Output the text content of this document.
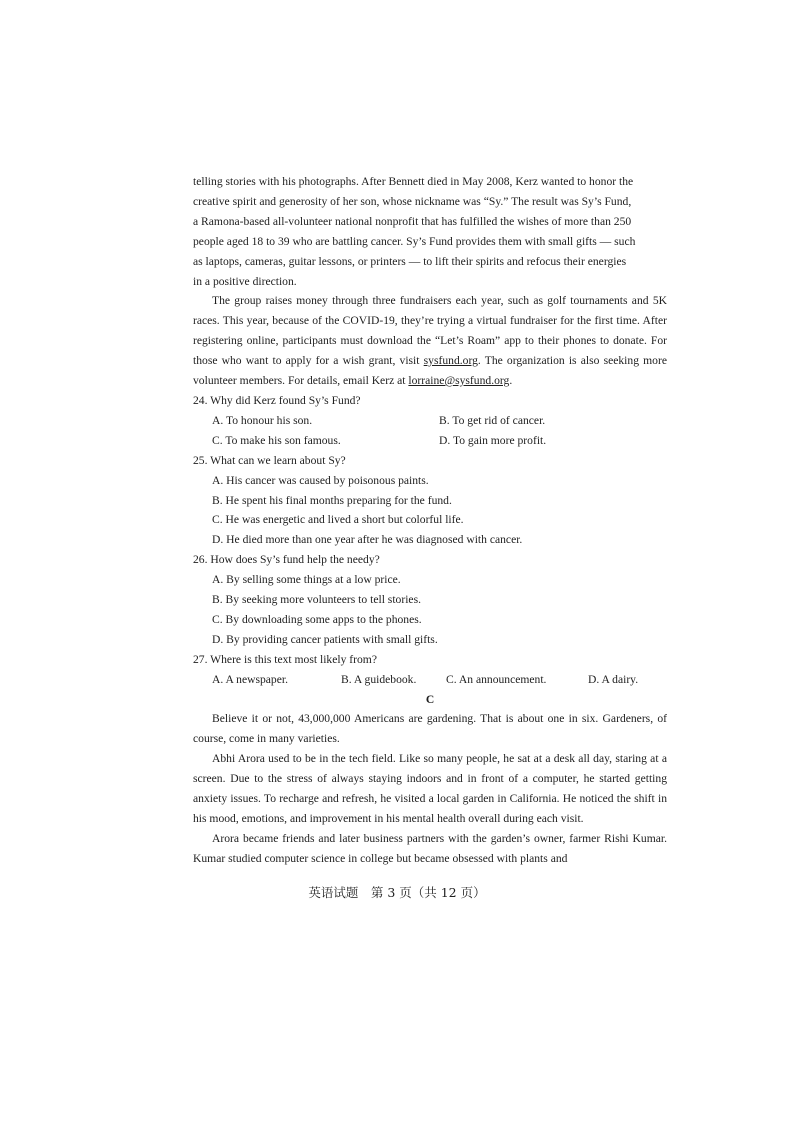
telling stories with his photographs. After Bennett died in May 2008, Kerz wanted to honor the

creative spirit and generosity of her son, whose nickname was “Sy.” The result was Sy’s Fund,

a Ramona-based all-volunteer national nonprofit that has fulfilled the wishes of more than 250

people aged 18 to 39 who are battling cancer. Sy’s Fund provides them with small gifts — such

as laptops, cameras, guitar lessons, or printers — to lift their spirits and refocus their energies

in a positive direction.

The group raises money through three fundraisers each year, such as golf tournaments and 5K races. This year, because of the COVID-19, they’re trying a virtual fundraiser for the first time. After registering online, participants must download the “Let’s Roam” app to their phones to donate. For those who want to apply for a wish grant, visit sysfund.org. The organization is also seeking more volunteer members. For details, email Kerz at lorraine@sysfund.org.

24. Why did Kerz found Sy’s Fund?

A. To honour his son.	B. To get rid of cancer.

C. To make his son famous.	D. To gain more profit.

25. What can we learn about Sy?

A. His cancer was caused by poisonous paints.

B. He spent his final months preparing for the fund.

C. He was energetic and lived a short but colorful life.

D. He died more than one year after he was diagnosed with cancer.

26. How does Sy’s fund help the needy?

A. By selling some things at a low price.

B. By seeking more volunteers to tell stories.

C. By downloading some apps to the phones.

D. By providing cancer patients with small gifts.

27. Where is this text most likely from?

A. A newspaper.	B. A guidebook.	C. An announcement.	D. A dairy.

C

Believe it or not, 43,000,000 Americans are gardening. That is about one in six. Gardeners, of course, come in many varieties.

Abhi Arora used to be in the tech field. Like so many people, he sat at a desk all day, staring at a screen. Due to the stress of always staying indoors and in front of a computer, he started getting anxiety issues. To recharge and refresh, he visited a local garden in California. He noticed the shift in his mood, emotions, and improvement in his mental health overall during each visit.

Arora became friends and later business partners with the garden’s owner, farmer Rishi Kumar. Kumar studied computer science in college but became obsessed with plants and

英语试题　第 3 页（共 12 页）
